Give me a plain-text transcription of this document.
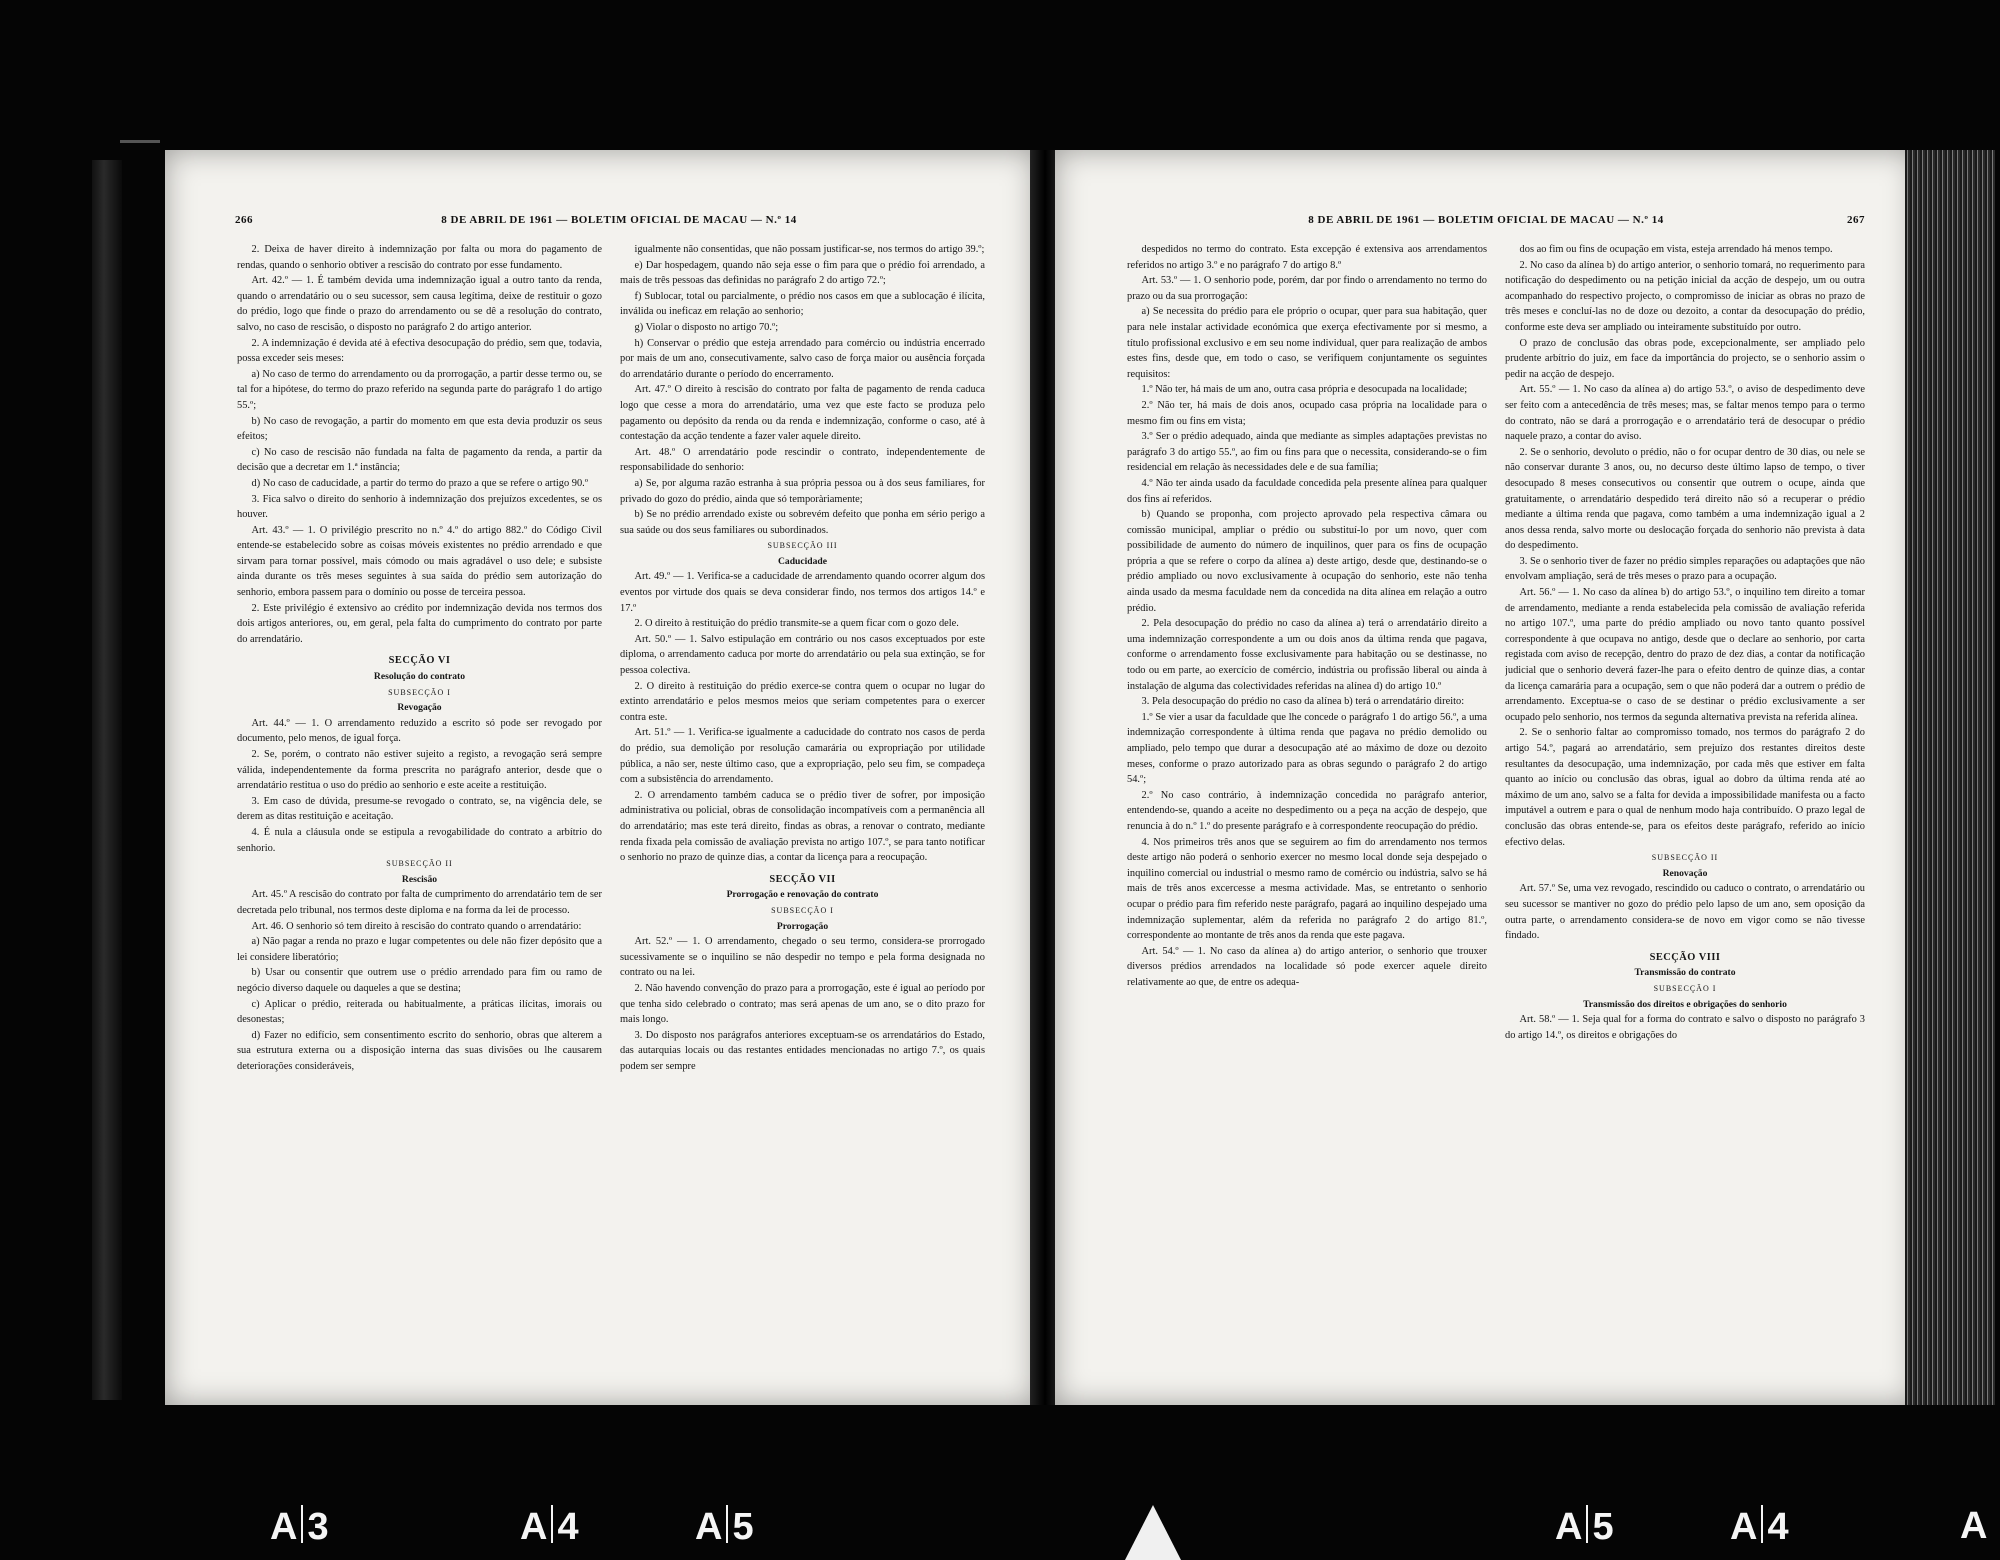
266	8 DE ABRIL DE 1961 — BOLETIM OFICIAL DE MACAU — N.º 14

2. Deixa de haver direito à indemnização por falta ou mora do pagamento de rendas, quando o senhorio obtiver a rescisão do contrato por esse fundamento.

Art. 42.º — 1. É também devida uma indemnização igual a outro tanto da renda, quando o arrendatário ou o seu sucessor, sem causa legítima, deixe de restituir o gozo do prédio, logo que finde o prazo do arrendamento ou se dê a resolução do contrato, salvo, no caso de rescisão, o disposto no parágrafo 2 do artigo anterior.

2. A indemnização é devida até à efectiva desocupação do prédio, sem que, todavia, possa exceder seis meses:

a) No caso de termo do arrendamento ou da prorrogação, a partir desse termo ou, se tal for a hipótese, do termo do prazo referido na segunda parte do parágrafo 1 do artigo 55.º;

b) No caso de revogação, a partir do momento em que esta devia produzir os seus efeitos;

c) No caso de rescisão não fundada na falta de pagamento da renda, a partir da decisão que a decretar em 1.ª instância;

d) No caso de caducidade, a partir do termo do prazo a que se refere o artigo 90.º

3. Fica salvo o direito do senhorio à indemnização dos prejuízos excedentes, se os houver.

Art. 43.º — 1. O privilégio prescrito no n.º 4.º do artigo 882.º do Código Civil entende-se estabelecido sobre as coisas móveis existentes no prédio arrendado e que sirvam para tornar possível, mais cómodo ou mais agradável o uso dele; e subsiste ainda durante os três meses seguintes à sua saída do prédio sem autorização do senhorio, embora passem para o domínio ou posse de terceira pessoa.

2. Este privilégio é extensivo ao crédito por indemnização devida nos termos dos dois artigos anteriores, ou, em geral, pela falta do cumprimento do contrato por parte do arrendatário.

SECÇÃO VI

Resolução do contrato

SUBSECÇÃO I

Revogação

Art. 44.º — 1. O arrendamento reduzido a escrito só pode ser revogado por documento, pelo menos, de igual força.

2. Se, porém, o contrato não estiver sujeito a registo, a revogação será sempre válida, independentemente da forma prescrita no parágrafo anterior, desde que o arrendatário restitua o uso do prédio ao senhorio e este aceite a restituição.

3. Em caso de dúvida, presume-se revogado o contrato, se, na vigência dele, se derem as ditas restituição e aceitação.

4. É nula a cláusula onde se estipula a revogabilidade do contrato a arbítrio do senhorio.

SUBSECÇÃO II

Rescisão

Art. 45.º A rescisão do contrato por falta de cumprimento do arrendatário tem de ser decretada pelo tribunal, nos termos deste diploma e na forma da lei de processo.

Art. 46. O senhorio só tem direito à rescisão do contrato quando o arrendatário:

a) Não pagar a renda no prazo e lugar competentes ou dele não fizer depósito que a lei considere liberatório;

b) Usar ou consentir que outrem use o prédio arrendado para fim ou ramo de negócio diverso daquele ou daqueles a que se destina;

c) Aplicar o prédio, reiterada ou habitualmente, a práticas ilícitas, imorais ou desonestas;

d) Fazer no edifício, sem consentimento escrito do senhorio, obras que alterem a sua estrutura externa ou a disposição interna das suas divisões ou lhe causarem deteriorações consideráveis,

igualmente não consentidas, que não possam justificar-se, nos termos do artigo 39.º;

e) Dar hospedagem, quando não seja esse o fim para que o prédio foi arrendado, a mais de três pessoas das definidas no parágrafo 2 do artigo 72.º;

f) Sublocar, total ou parcialmente, o prédio nos casos em que a sublocação é ilícita, inválida ou ineficaz em relação ao senhorio;

g) Violar o disposto no artigo 70.º;

h) Conservar o prédio que esteja arrendado para comércio ou indústria encerrado por mais de um ano, consecutivamente, salvo caso de força maior ou ausência forçada do arrendatário durante o período do encerramento.

Art. 47.º O direito à rescisão do contrato por falta de pagamento de renda caduca logo que cesse a mora do arrendatário, uma vez que este facto se produza pelo pagamento ou depósito da renda ou da renda e indemnização, conforme o caso, até à contestação da acção tendente a fazer valer aquele direito.

Art. 48.º O arrendatário pode rescindir o contrato, independentemente de responsabilidade do senhorio:

a) Se, por alguma razão estranha à sua própria pessoa ou à dos seus familiares, for privado do gozo do prédio, ainda que só temporàriamente;

b) Se no prédio arrendado existe ou sobrevém defeito que ponha em sério perigo a sua saúde ou dos seus familiares ou subordinados.

SUBSECÇÃO III

Caducidade

Art. 49.º — 1. Verifica-se a caducidade de arrendamento quando ocorrer algum dos eventos por virtude dos quais se deva considerar findo, nos termos dos artigos 14.º e 17.º

2. O direito à restituição do prédio transmite-se a quem ficar com o gozo dele.

Art. 50.º — 1. Salvo estipulação em contrário ou nos casos exceptuados por este diploma, o arrendamento caduca por morte do arrendatário ou pela sua extinção, se for pessoa colectiva.

2. O direito à restituição do prédio exerce-se contra quem o ocupar no lugar do extinto arrendatário e pelos mesmos meios que seriam competentes para o exercer contra este.

Art. 51.º — 1. Verifica-se igualmente a caducidade do contrato nos casos de perda do prédio, sua demolição por resolução camarária ou expropriação por utilidade pública, a não ser, neste último caso, que a expropriação, pelo seu fim, se compadeça com a subsistência do arrendamento.

2. O arrendamento também caduca se o prédio tiver de sofrer, por imposição administrativa ou policial, obras de consolidação incompatíveis com a permanência all do arrendatário; mas este terá direito, findas as obras, a renovar o contrato, mediante renda fixada pela comissão de avaliação prevista no artigo 107.º, se para tanto notificar o senhorio no prazo de quinze dias, a contar da licença para a reocupação.

SECÇÃO VII

Prorrogação e renovação do contrato

SUBSECÇÃO I

Prorrogação

Art. 52.º — 1. O arrendamento, chegado o seu termo, considera-se prorrogado sucessivamente se o inquilino se não despedir no tempo e pela forma designada no contrato ou na lei.

2. Não havendo convenção do prazo para a prorrogação, este é igual ao período por que tenha sido celebrado o contrato; mas será apenas de um ano, se o dito prazo for mais longo.

3. Do disposto nos parágrafos anteriores exceptuam-se os arrendatários do Estado, das autarquias locais ou das restantes entidades mencionadas no artigo 7.º, os quais podem ser sempre

8 DE ABRIL DE 1961 — BOLETIM OFICIAL DE MACAU — N.º 14	267

despedidos no termo do contrato. Esta excepção é extensiva aos arrendamentos referidos no artigo 3.º e no parágrafo 7 do artigo 8.º

Art. 53.º — 1. O senhorio pode, porém, dar por findo o arrendamento no termo do prazo ou da sua prorrogação:

a) Se necessita do prédio para ele próprio o ocupar, quer para sua habitação, quer para nele instalar actividade económica que exerça efectivamente por si mesmo, a título profissional exclusivo e em seu nome individual, quer para realização de ambos estes fins, desde que, em todo o caso, se verifiquem conjuntamente os seguintes requisitos:

1.º Não ter, há mais de um ano, outra casa própria e desocupada na localidade;

2.º Não ter, há mais de dois anos, ocupado casa própria na localidade para o mesmo fim ou fins em vista;

3.º Ser o prédio adequado, ainda que mediante as simples adaptações previstas no parágrafo 3 do artigo 55.º, ao fim ou fins para que o necessita, considerando-se o fim residencial em relação às necessidades dele e de sua família;

4.º Não ter ainda usado da faculdade concedida pela presente alínea para qualquer dos fins aí referidos.

b) Quando se proponha, com projecto aprovado pela respectiva câmara ou comissão municipal, ampliar o prédio ou substituí-lo por um novo, quer com possibilidade de aumento do número de inquilinos, quer para os fins de ocupação própria a que se refere o corpo da alínea a) deste artigo, desde que, destinando-se o prédio ampliado ou novo exclusivamente à ocupação do senhorio, este não tenha ainda usado da mesma faculdade nem da concedida na dita alínea em relação a outro prédio.

2. Pela desocupação do prédio no caso da alínea a) terá o arrendatário direito a uma indemnização correspondente a um ou dois anos da última renda que pagava, conforme o arrendamento fosse exclusivamente para habitação ou se destinasse, no todo ou em parte, ao exercício de comércio, indústria ou profissão liberal ou ainda à instalação de alguma das colectividades referidas na alínea d) do artigo 10.º

3. Pela desocupação do prédio no caso da alínea b) terá o arrendatário direito:

1.º Se vier a usar da faculdade que lhe concede o parágrafo 1 do artigo 56.º, a uma indemnização correspondente à última renda que pagava no prédio demolido ou ampliado, pelo tempo que durar a desocupação até ao máximo de doze ou dezoito meses, conforme o prazo autorizado para as obras segundo o parágrafo 2 do artigo 54.º;

2.º No caso contrário, à indemnização concedida no parágrafo anterior, entendendo-se, quando a aceite no despedimento ou a peça na acção de despejo, que renuncia à do n.º 1.º do presente parágrafo e à correspondente reocupação do prédio.

4. Nos primeiros três anos que se seguirem ao fim do arrendamento nos termos deste artigo não poderá o senhorio exercer no mesmo local donde seja despejado o inquilino comercial ou industrial o mesmo ramo de comércio ou indústria, salvo se há mais de três anos excercesse a mesma actividade. Mas, se entretanto o senhorio ocupar o prédio para fim referido neste parágrafo, pagará ao inquilino despejado uma indemnização suplementar, além da referida no parágrafo 2 do artigo 81.º, correspondente ao montante de três anos da renda que este pagava.

Art. 54.º — 1. No caso da alínea a) do artigo anterior, o senhorio que trouxer diversos prédios arrendados na localidade só pode exercer aquele direito relativamente ao que, de entre os adequa-

dos ao fim ou fins de ocupação em vista, esteja arrendado há menos tempo.

2. No caso da alínea b) do artigo anterior, o senhorio tomará, no requerimento para notificação do despedimento ou na petição inicial da acção de despejo, um ou outra acompanhado do respectivo projecto, o compromisso de iniciar as obras no prazo de três meses e concluí-las no de doze ou dezoito, a contar da desocupação do prédio, conforme este deva ser ampliado ou inteiramente substituído por outro.

O prazo de conclusão das obras pode, excepcionalmente, ser ampliado pelo prudente arbítrio do juiz, em face da importância do projecto, se o senhorio assim o pedir na acção de despejo.

Art. 55.º — 1. No caso da alínea a) do artigo 53.º, o aviso de despedimento deve ser feito com a antecedência de três meses; mas, se faltar menos tempo para o termo do contrato, não se dará a prorrogação e o arrendatário terá de desocupar o prédio naquele prazo, a contar do aviso.

2. Se o senhorio, devoluto o prédio, não o for ocupar dentro de 30 dias, ou nele se não conservar durante 3 anos, ou, no decurso deste último lapso de tempo, o tiver desocupado 8 meses consecutivos ou consentir que outrem o ocupe, ainda que gratuitamente, o arrendatário despedido terá direito não só a recuperar o prédio mediante a última renda que pagava, como também a uma indemnização igual a 2 anos dessa renda, salvo morte ou deslocação forçada do senhorio não prevista à data do despedimento.

3. Se o senhorio tiver de fazer no prédio simples reparações ou adaptações que não envolvam ampliação, será de três meses o prazo para a ocupação.

Art. 56.º — 1. No caso da alínea b) do artigo 53.º, o inquilino tem direito a tomar de arrendamento, mediante a renda estabelecida pela comissão de avaliação referida no artigo 107.º, uma parte do prédio ampliado ou novo tanto quanto possível correspondente à que ocupava no antigo, desde que o declare ao senhorio, por carta registada com aviso de recepção, dentro do prazo de dez dias, a contar da notificação judicial que o senhorio deverá fazer-lhe para o efeito dentro de quinze dias, a contar da licença camarária para a ocupação, sem o que não poderá dar a outrem o prédio de arrendamento. Exceptua-se o caso de se destinar o prédio exclusivamente a ser ocupado pelo senhorio, nos termos da segunda alternativa prevista na referida alínea.

2. Se o senhorio faltar ao compromisso tomado, nos termos do parágrafo 2 do artigo 54.º, pagará ao arrendatário, sem prejuízo dos restantes direitos deste resultantes da desocupação, uma indemnização, por cada mês que estiver em falta quanto ao início ou conclusão das obras, igual ao dobro da última renda até ao máximo de um ano, salvo se a falta for devida a impossibilidade manifesta ou a facto imputável a outrem e para o qual de nenhum modo haja contribuído. O prazo legal de conclusão das obras entende-se, para os efeitos deste parágrafo, referido ao início efectivo delas.

SUBSECÇÃO II

Renovação

Art. 57.º Se, uma vez revogado, rescindido ou caduco o contrato, o arrendatário ou seu sucessor se mantiver no gozo do prédio pelo lapso de um ano, sem oposição da outra parte, o arrendamento considera-se de novo em vigor como se não tivesse findado.

SECÇÃO VIII

Transmissão do contrato

SUBSECÇÃO I

Transmissão dos direitos e obrigações do senhorio

Art. 58.º — 1. Seja qual for a forma do contrato e salvo o disposto no parágrafo 3 do artigo 14.º, os direitos e obrigações do

A 3	A 4	A 5	A 5	A 4	A
